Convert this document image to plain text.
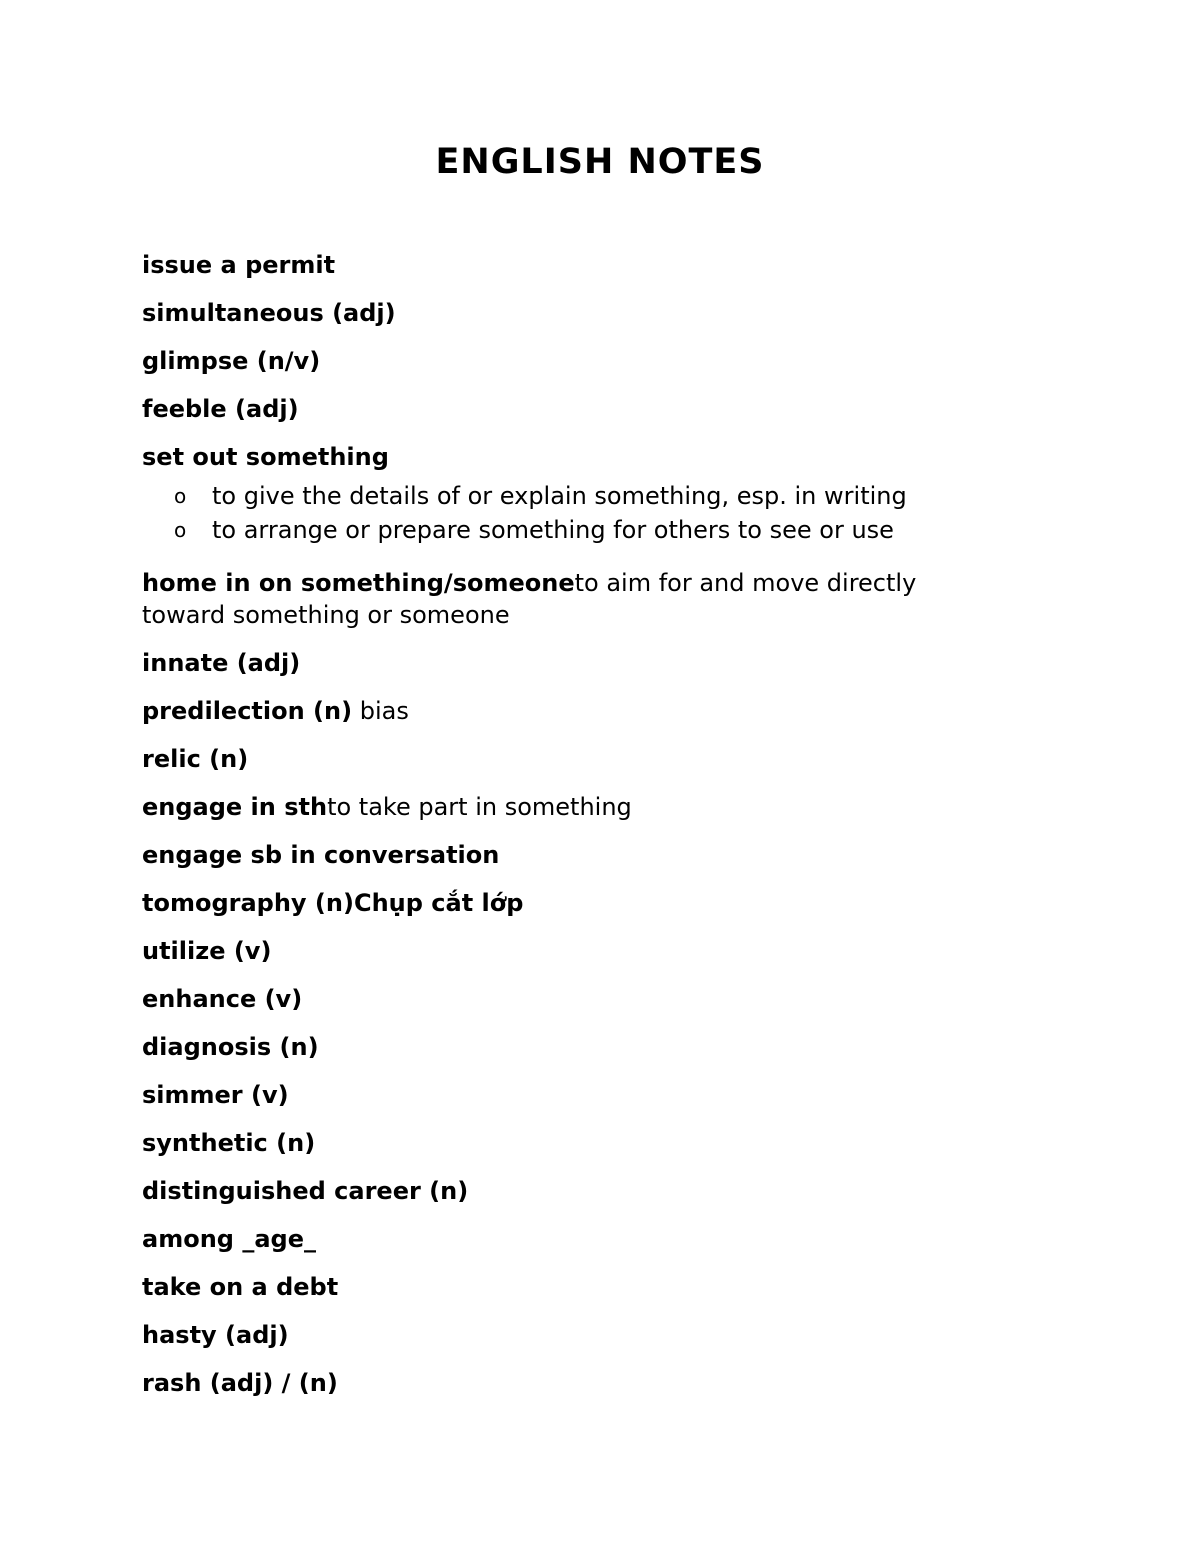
ENGLISH NOTES

issue a permit

simultaneous (adj)

glimpse (n/v)

feeble (adj)

set out something

o to give the details of or explain something, esp. in writing
o to arrange or prepare something for others to see or use

home in on something/someoneto aim for and move directly toward something or someone

innate (adj)

predilection (n) bias

relic (n)

engage in sthto take part in something

engage sb in conversation

tomography (n)Chụp cắt lớp

utilize (v)

enhance (v)

diagnosis (n)

simmer (v)

synthetic (n)

distinguished career (n)

among _age_

take on a debt

hasty (adj)

rash (adj) / (n)
